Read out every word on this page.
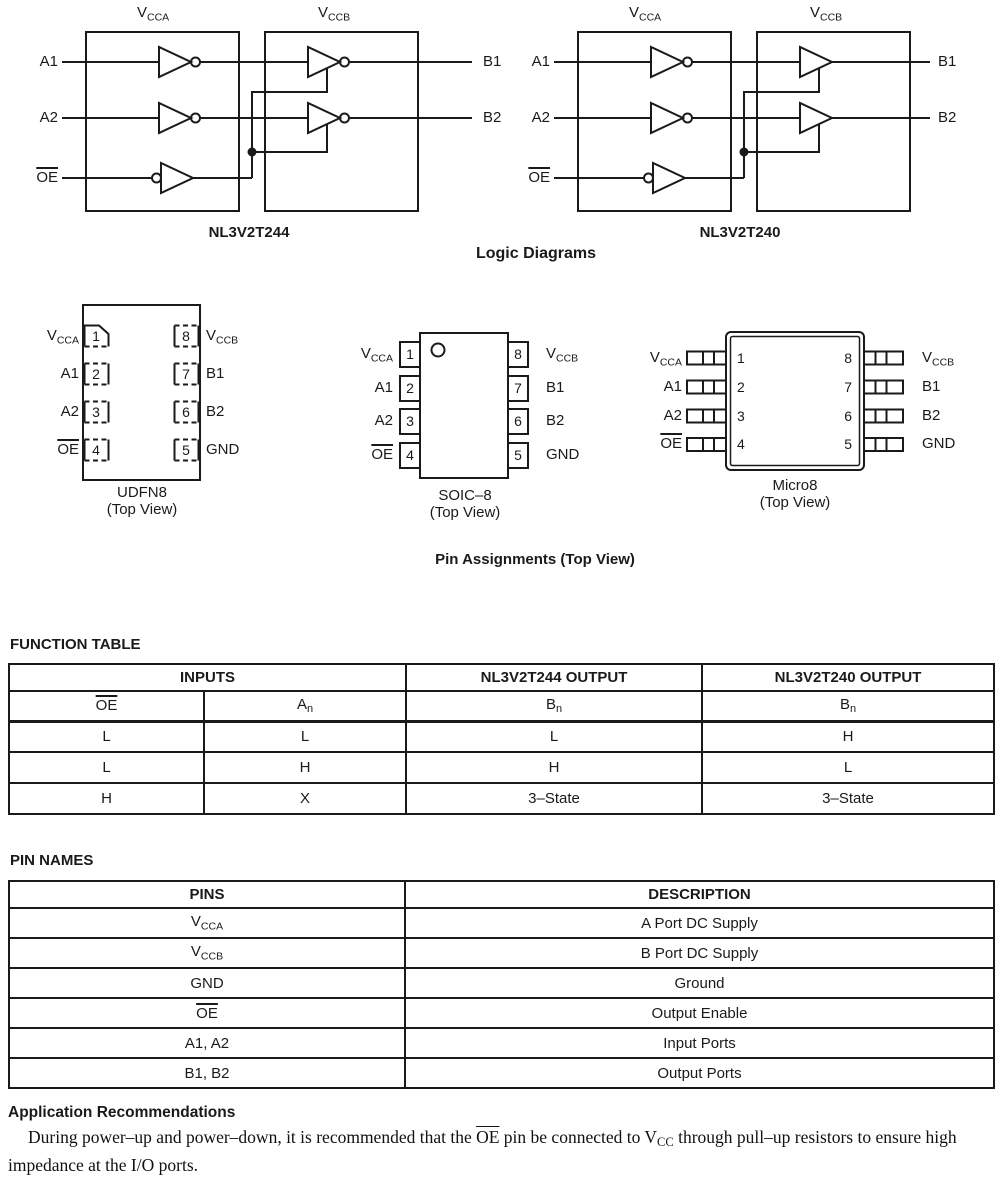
$V_{CCA}$	$V_{CCB}$
A1
A2
$\overline{OE}$
B1
B2
NL3V2T244
$V_{CCA}$	$V_{CCB}$
A1
A2
$\overline{OE}$
B1
B2
NL3V2T240
Logic Diagrams
$V_{CCA}$
A1
A2
$\overline{OE}$
$V_{CCB}$
B1
B2
GND
1
2
3
4
8
7
6
5
UDFN8
(Top View)
$V_{CCA}$
A1
A2
$\overline{OE}$
$V_{CCB}$
B1
B2
GND
1
2
3
4
8
7
6
5
SOIC–8
(Top View)
$V_{CCA}$
A1
A2
$\overline{OE}$
$V_{CCB}$
B1
B2
GND
1
2
3
4
8
7
6
5
Micro8
(Top View)
Pin Assignments (Top View)
FUNCTION TABLE
INPUTS		NL3V2T244 OUTPUT	NL3V2T240 OUTPUT
$\overline{OE}$	$A_n$	$B_n$	$B_n$
L	L	L	H
L	H	H	L
H	X	3–State	3–State
PIN NAMES
PINS	DESCRIPTION
$V_{CCA}$	A Port DC Supply
$V_{CCB}$	B Port DC Supply
GND	Ground
$\overline{OE}$	Output Enable
A1, A2	Input Ports
B1, B2	Output Ports
Application Recommendations

During power–up and power–down, it is recommended that the $\overline{OE}$ pin be connected to $V_{CC}$ through pull–up resistors to ensure high impedance at the I/O ports.
